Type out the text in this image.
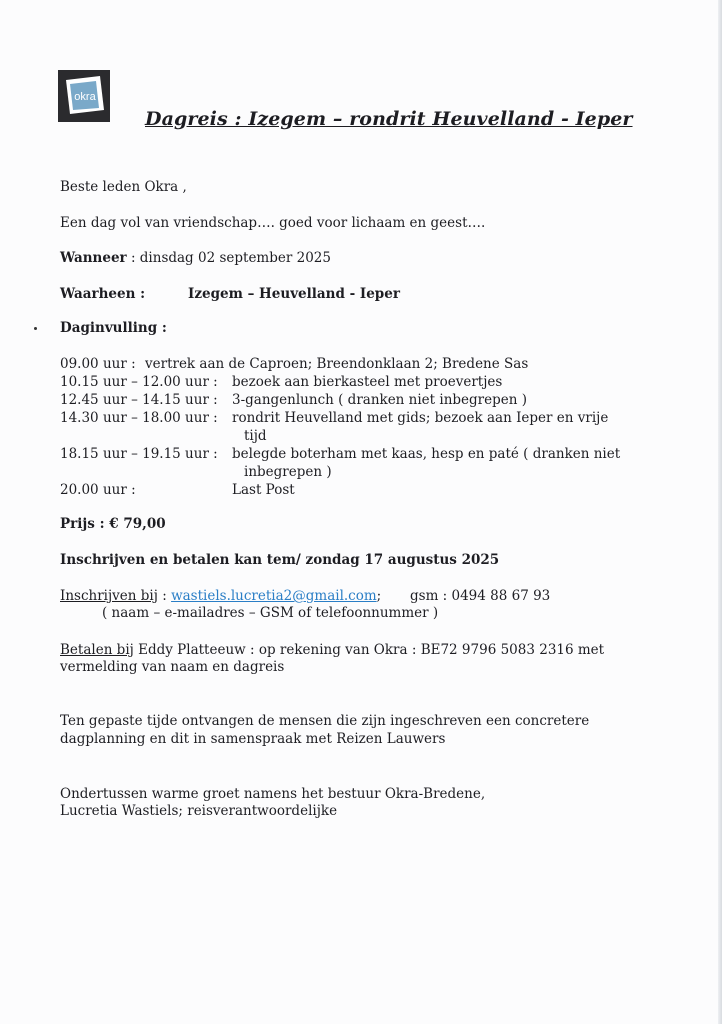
okra
Dagreis : Izegem – rondrit Heuvelland - Ieper
Beste leden Okra ,
Een dag vol van vriendschap…. goed voor lichaam en geest….
Wanneer : dinsdag 02 september 2025
Waarheen :	Izegem – Heuvelland - Ieper
Daginvulling :
09.00 uur : vertrek aan de Caproen; Breendonklaan 2; Bredene Sas
10.15 uur – 12.00 uur : bezoek aan bierkasteel met proevertjes
12.45 uur – 14.15 uur : 3-gangenlunch ( dranken niet inbegrepen )
14.30 uur – 18.00 uur : rondrit Heuvelland met gids; bezoek aan Ieper en vrije
tijd
18.15 uur – 19.15 uur : belegde boterham met kaas, hesp en paté ( dranken niet
inbegrepen )
20.00 uur :	Last Post
Prijs : € 79,00
Inschrijven en betalen kan tem/ zondag 17 augustus 2025
Inschrijven bij : wastiels.lucretia2@gmail.com; gsm : 0494 88 67 93
( naam – e-mailadres – GSM of telefoonnummer )
Betalen bij Eddy Platteeuw : op rekening van Okra : BE72 9796 5083 2316 met
vermelding van naam en dagreis
Ten gepaste tijde ontvangen de mensen die zijn ingeschreven een concretere
dagplanning en dit in samenspraak met Reizen Lauwers
Ondertussen warme groet namens het bestuur Okra-Bredene,
Lucretia Wastiels; reisverantwoordelijke
